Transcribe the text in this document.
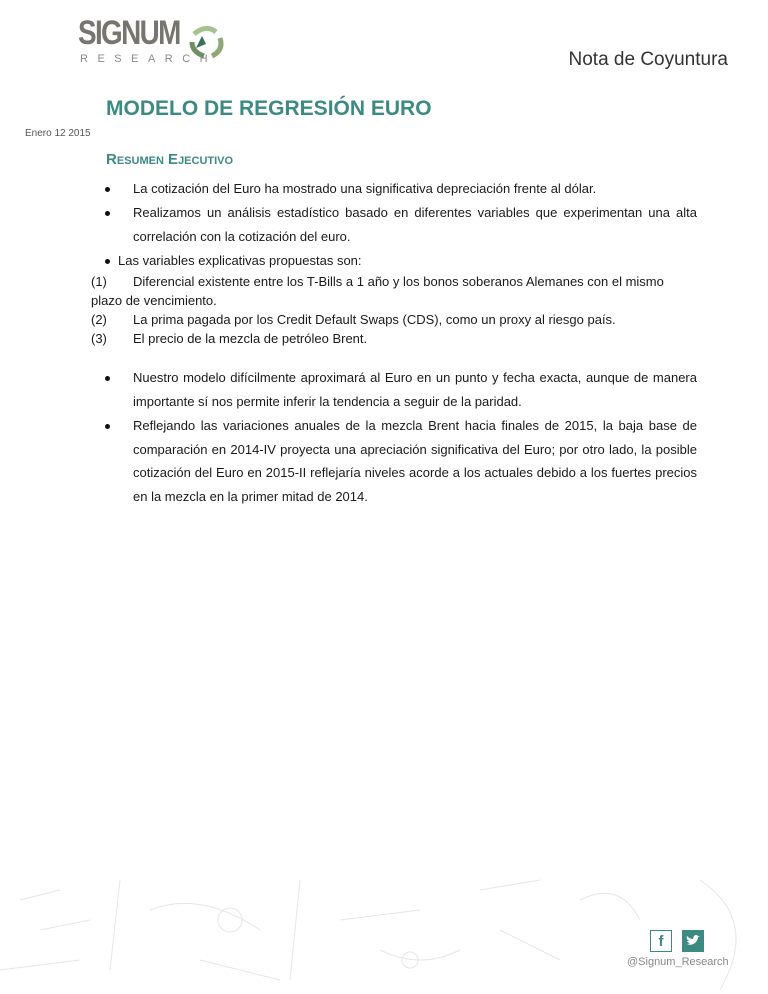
SIGNUM
RESEARCH	Nota de Coyuntura
MODELO DE REGRESIÓN EURO
Enero 12 2015
Resumen Ejecutivo
La cotización del Euro ha mostrado una significativa depreciación frente al dólar.
Realizamos un análisis estadístico basado en diferentes variables que experimentan una alta correlación con la cotización del euro.
Las variables explicativas propuestas son:
(1) Diferencial existente entre los T-Bills a 1 año y los bonos soberanos Alemanes con el mismo plazo de vencimiento.
(2) La prima pagada por los Credit Default Swaps (CDS), como un proxy al riesgo país.
(3) El precio de la mezcla de petróleo Brent.
Nuestro modelo difícilmente aproximará al Euro en un punto y fecha exacta, aunque de manera importante sí nos permite inferir la tendencia a seguir de la paridad.
Reflejando las variaciones anuales de la mezcla Brent hacia finales de 2015, la baja base de comparación en 2014-IV proyecta una apreciación significativa del Euro; por otro lado, la posible cotización del Euro en 2015-II reflejaría niveles acorde a los actuales debido a los fuertes precios en la mezcla en la primer mitad de 2014.
f
@Signum_Research
